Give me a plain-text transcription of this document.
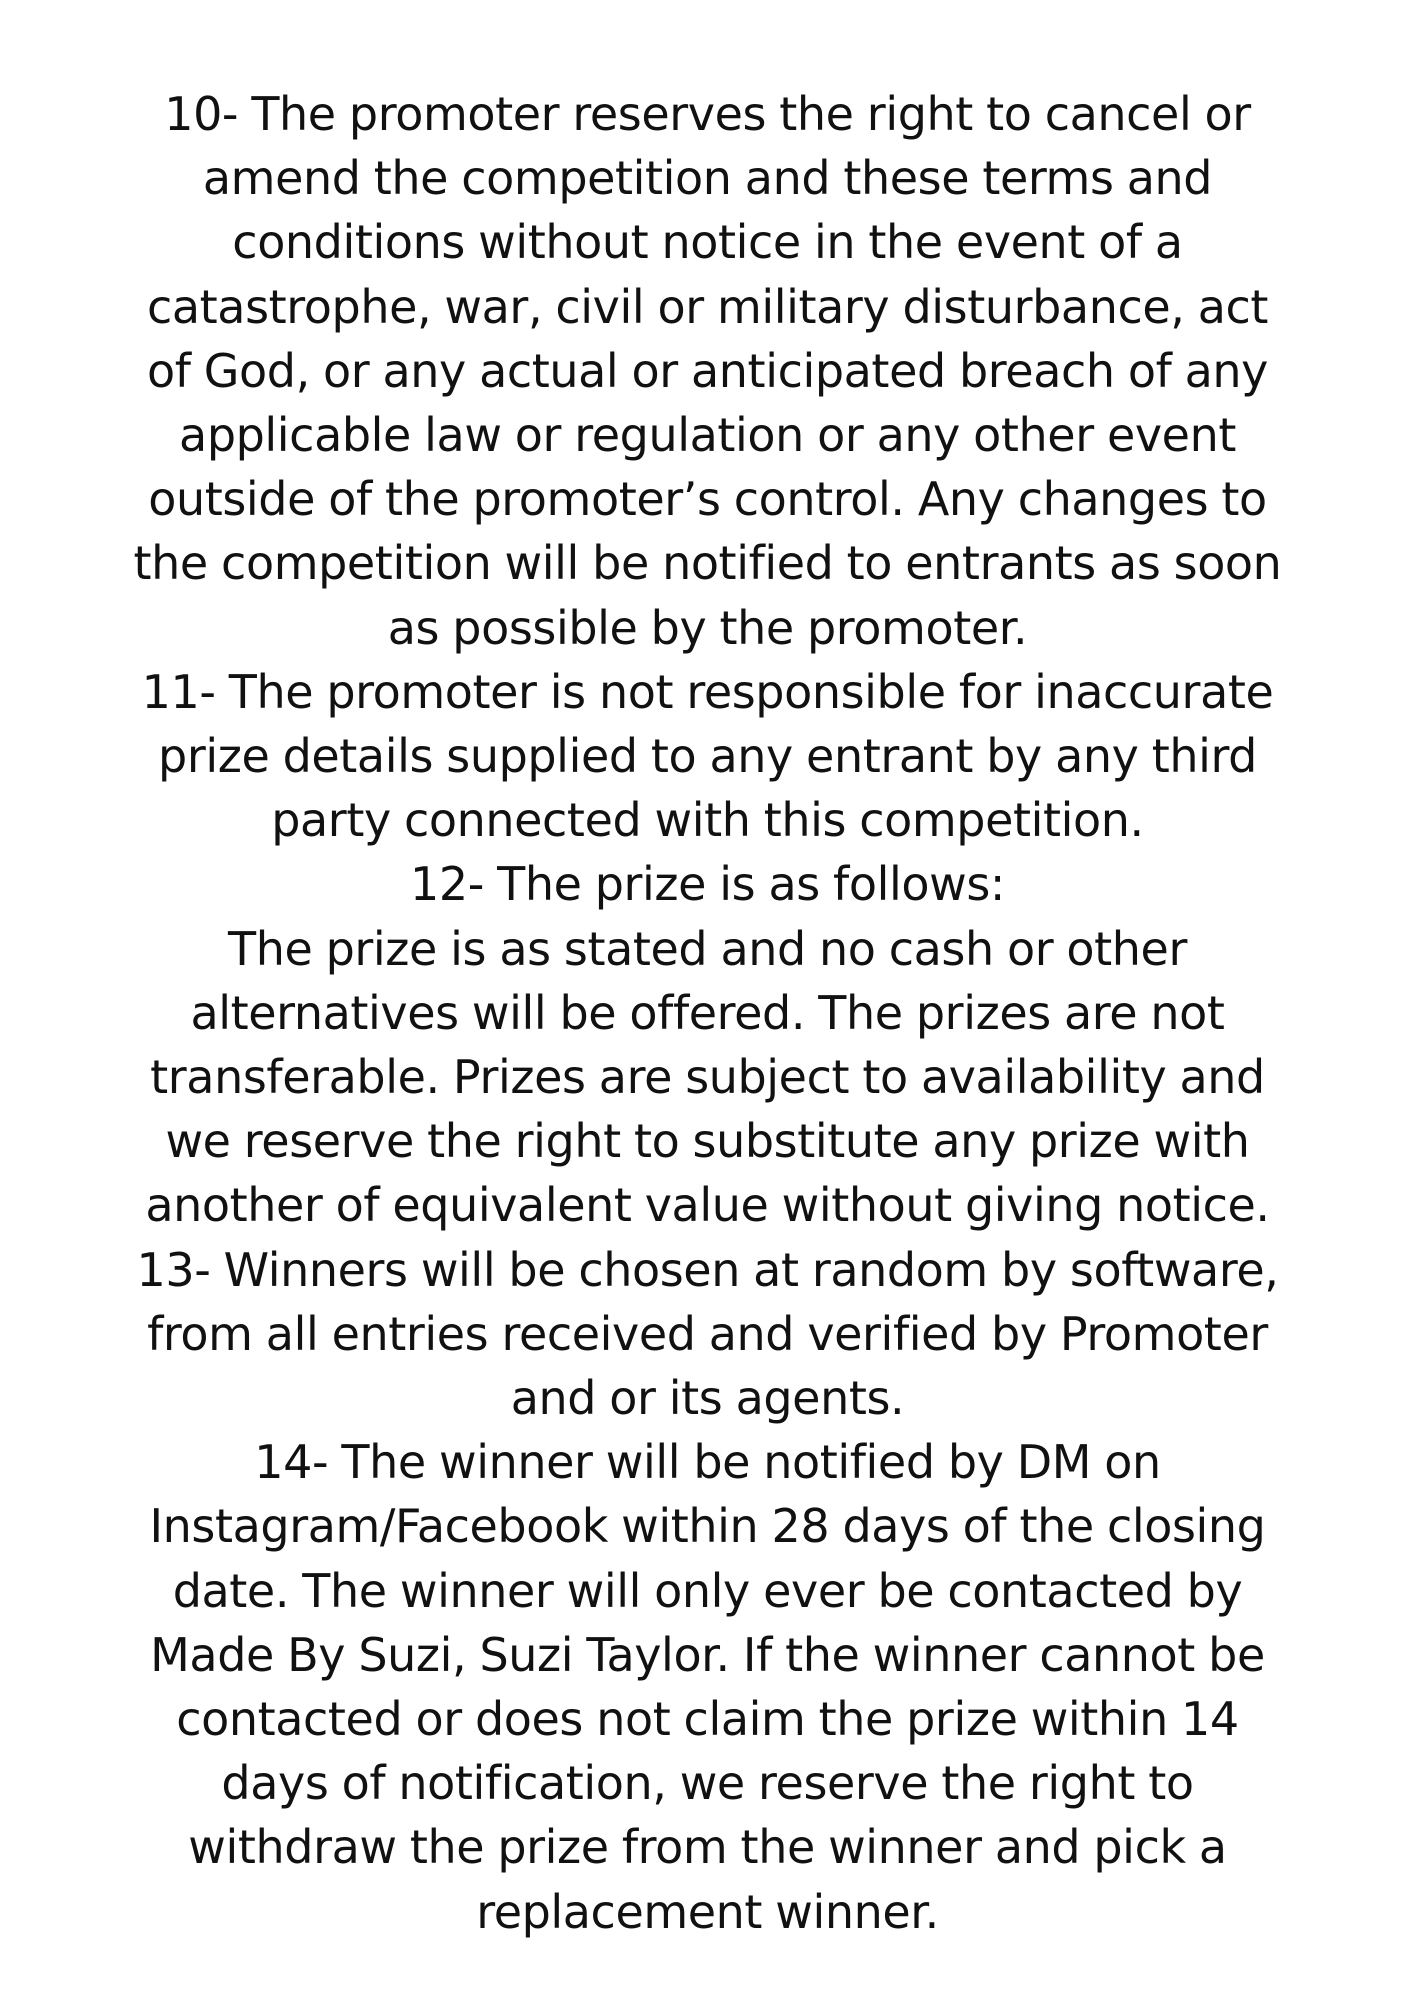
10- The promoter reserves the right to cancel or
amend the competition and these terms and
conditions without notice in the event of a
catastrophe, war, civil or military disturbance, act
of God, or any actual or anticipated breach of any
applicable law or regulation or any other event
outside of the promoter’s control. Any changes to
the competition will be notified to entrants as soon
as possible by the promoter.
11- The promoter is not responsible for inaccurate
prize details supplied to any entrant by any third
party connected with this competition.
12- The prize is as follows:
The prize is as stated and no cash or other
alternatives will be offered. The prizes are not
transferable. Prizes are subject to availability and
we reserve the right to substitute any prize with
another of equivalent value without giving notice.
13- Winners will be chosen at random by software,
from all entries received and verified by Promoter
and or its agents.
14- The winner will be notified by DM on
Instagram/Facebook within 28 days of the closing
date. The winner will only ever be contacted by
Made By Suzi, Suzi Taylor. If the winner cannot be
contacted or does not claim the prize within 14
days of notification, we reserve the right to
withdraw the prize from the winner and pick a
replacement winner.
